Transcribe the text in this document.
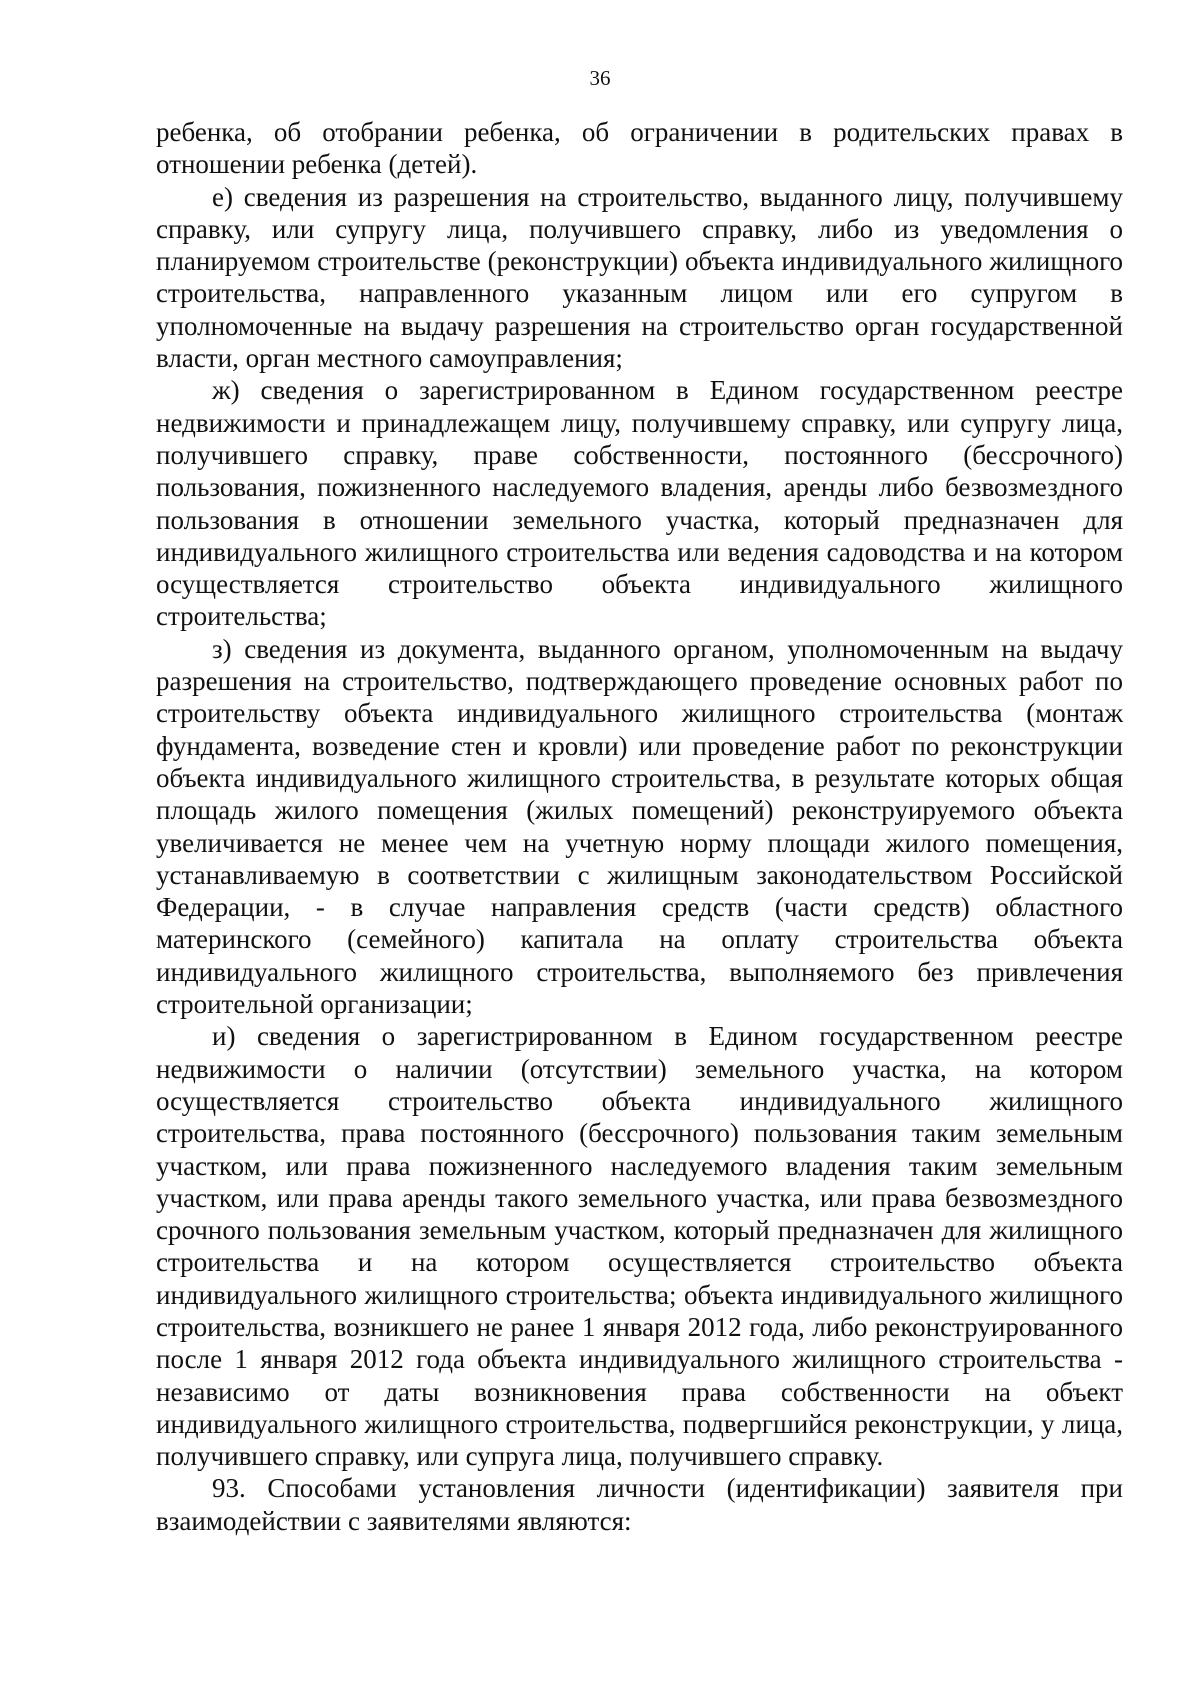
36

ребенка, об отобрании ребенка, об ограничении в родительских правах в отношении ребенка (детей).

е) сведения из разрешения на строительство, выданного лицу, получившему справку, или супругу лица, получившего справку, либо из уведомления о планируемом строительстве (реконструкции) объекта индивидуального жилищного строительства, направленного указанным лицом или его супругом в уполномоченные на выдачу разрешения на строительство орган государственной власти, орган местного самоуправления;

ж) сведения о зарегистрированном в Едином государственном реестре недвижимости и принадлежащем лицу, получившему справку, или супругу лица, получившего справку, праве собственности, постоянного (бессрочного) пользования, пожизненного наследуемого владения, аренды либо безвозмездного пользования в отношении земельного участка, который предназначен для индивидуального жилищного строительства или ведения садоводства и на котором осуществляется строительство объекта индивидуального жилищного строительства;

з) сведения из документа, выданного органом, уполномоченным на выдачу разрешения на строительство, подтверждающего проведение основных работ по строительству объекта индивидуального жилищного строительства (монтаж фундамента, возведение стен и кровли) или проведение работ по реконструкции объекта индивидуального жилищного строительства, в результате которых общая площадь жилого помещения (жилых помещений) реконструируемого объекта увеличивается не менее чем на учетную норму площади жилого помещения, устанавливаемую в соответствии с жилищным законодательством Российской Федерации, - в случае направления средств (части средств) областного материнского (семейного) капитала на оплату строительства объекта индивидуального жилищного строительства, выполняемого без привлечения строительной организации;

и) сведения о зарегистрированном в Едином государственном реестре недвижимости о наличии (отсутствии) земельного участка, на котором осуществляется строительство объекта индивидуального жилищного строительства, права постоянного (бессрочного) пользования таким земельным участком, или права пожизненного наследуемого владения таким земельным участком, или права аренды такого земельного участка, или права безвозмездного срочного пользования земельным участком, который предназначен для жилищного строительства и на котором осуществляется строительство объекта индивидуального жилищного строительства; объекта индивидуального жилищного строительства, возникшего не ранее 1 января 2012 года, либо реконструированного после 1 января 2012 года объекта индивидуального жилищного строительства - независимо от даты возникновения права собственности на объект индивидуального жилищного строительства, подвергшийся реконструкции, у лица, получившего справку, или супруга лица, получившего справку.

93. Способами установления личности (идентификации) заявителя при взаимодействии с заявителями являются:
